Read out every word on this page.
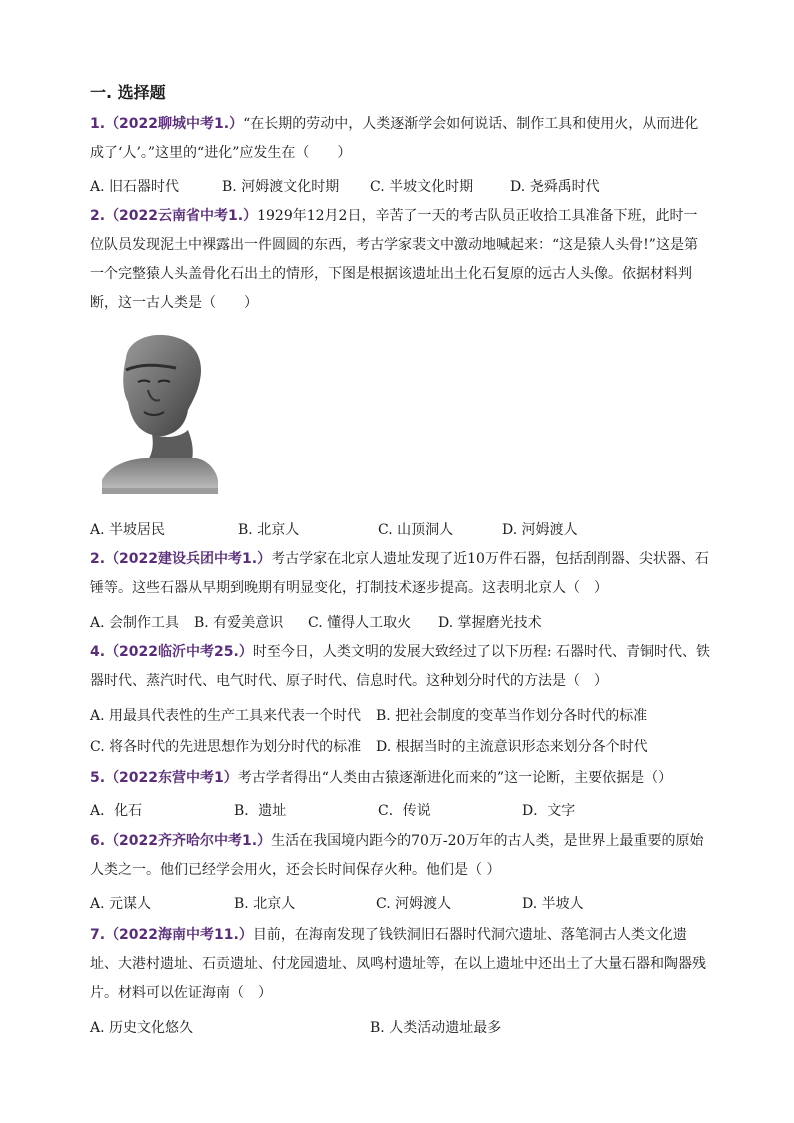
一. 选择题

1.（2022聊城中考1.）“在长期的劳动中，人类逐渐学会如何说话、制作工具和使用火，从而进化成了‘人’。”这里的“进化”应发生在（　　）

A. 旧石器时代	B. 河姆渡文化时期 C. 半坡文化时期	D. 尧舜禹时代

2.（2022云南省中考1.）1929年12月2日，辛苦了一天的考古队员正收拾工具准备下班，此时一位队员发现泥土中裸露出一件圆圆的东西，考古学家裴文中激动地喊起来：“这是猿人头骨!”这是第一个完整猿人头盖骨化石出土的情形，下图是根据该遗址出土化石复原的远古人头像。依据材料判断，这一古人类是（　　）

A. 半坡居民	B. 北京人	C. 山顶洞人	D. 河姆渡人

2.（2022建设兵团中考1.）考古学家在北京人遗址发现了近10万件石器，包括刮削器、尖状器、石锤等。这些石器从早期到晚期有明显变化，打制技术逐步提高。这表明北京人（　）

A. 会制作工具 B. 有爱美意识 C. 懂得人工取火 D. 掌握磨光技术

4.（2022临沂中考25.）时至今日，人类文明的发展大致经过了以下历程: 石器时代、青铜时代、铁器时代、蒸汽时代、电气时代、原子时代、信息时代。这种划分时代的方法是（　）

A. 用最具代表性的生产工具来代表一个时代 B. 把社会制度的变革当作划分各时代的标准
C. 将各时代的先进思想作为划分时代的标准 D. 根据当时的主流意识形态来划分各个时代

5.（2022东营中考1）考古学者得出“人类由古猿逐渐进化而来的”这一论断，主要依据是（）

A．化石	B．遗址	C．传说	D．文字

6.（2022齐齐哈尔中考1.）生活在我国境内距今的70万-20万年的古人类，是世界上最重要的原始人类之一。他们已经学会用火，还会长时间保存火种。他们是（ ）

A. 元谋人	B. 北京人	C. 河姆渡人	D. 半坡人

7.（2022海南中考11.）目前，在海南发现了钱铁洞旧石器时代洞穴遗址、落笔洞古人类文化遗址、大港村遗址、石贡遗址、付龙园遗址、凤鸣村遗址等，在以上遗址中还出土了大量石器和陶器残片。材料可以佐证海南（　）

A. 历史文化悠久	B. 人类活动遗址最多
